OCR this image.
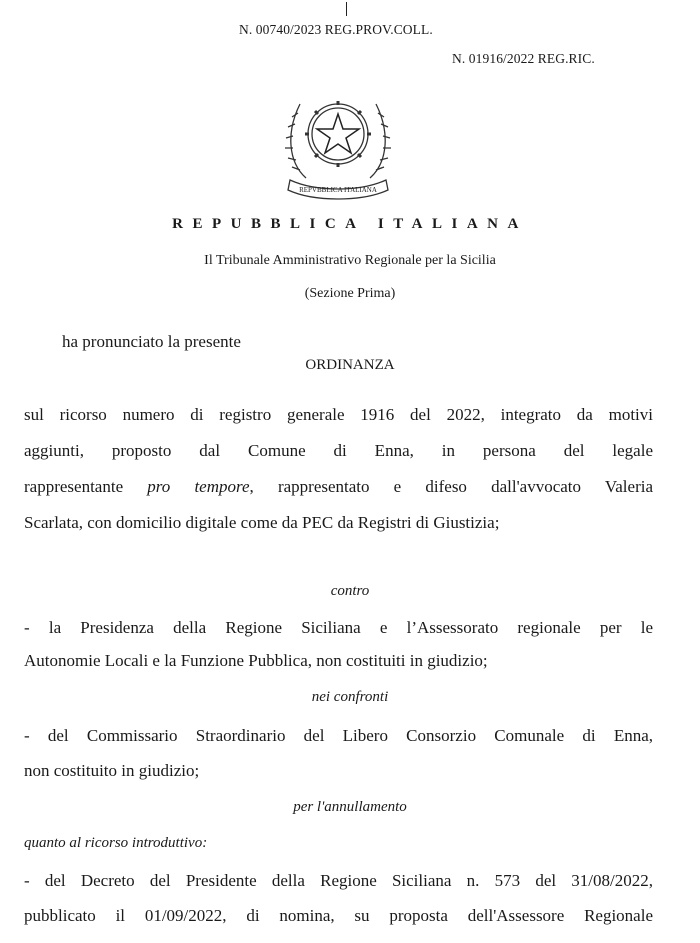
N. 00740/2023 REG.PROV.COLL.
N. 01916/2022 REG.RIC.
REPVBBLICA ITALIANA
REPUBBLICA ITALIANA
Il Tribunale Amministrativo Regionale per la Sicilia
(Sezione Prima)
ha pronunciato la presente
ORDINANZA
sul ricorso numero di registro generale 1916 del 2022, integrato da motivi
aggiunti, proposto dal Comune di Enna, in persona del legale
rappresentante pro tempore, rappresentato e difeso dall'avvocato Valeria
Scarlata, con domicilio digitale come da PEC da Registri di Giustizia;
contro
- la Presidenza della Regione Siciliana e l’Assessorato regionale per le
Autonomie Locali e la Funzione Pubblica, non costituiti in giudizio;
nei confronti
- del Commissario Straordinario del Libero Consorzio Comunale di Enna,
non costituito in giudizio;
per l'annullamento
quanto al ricorso introduttivo:
- del Decreto del Presidente della Regione Siciliana n. 573 del 31/08/2022,
pubblicato il 01/09/2022, di nomina, su proposta dell'Assessore Regionale
